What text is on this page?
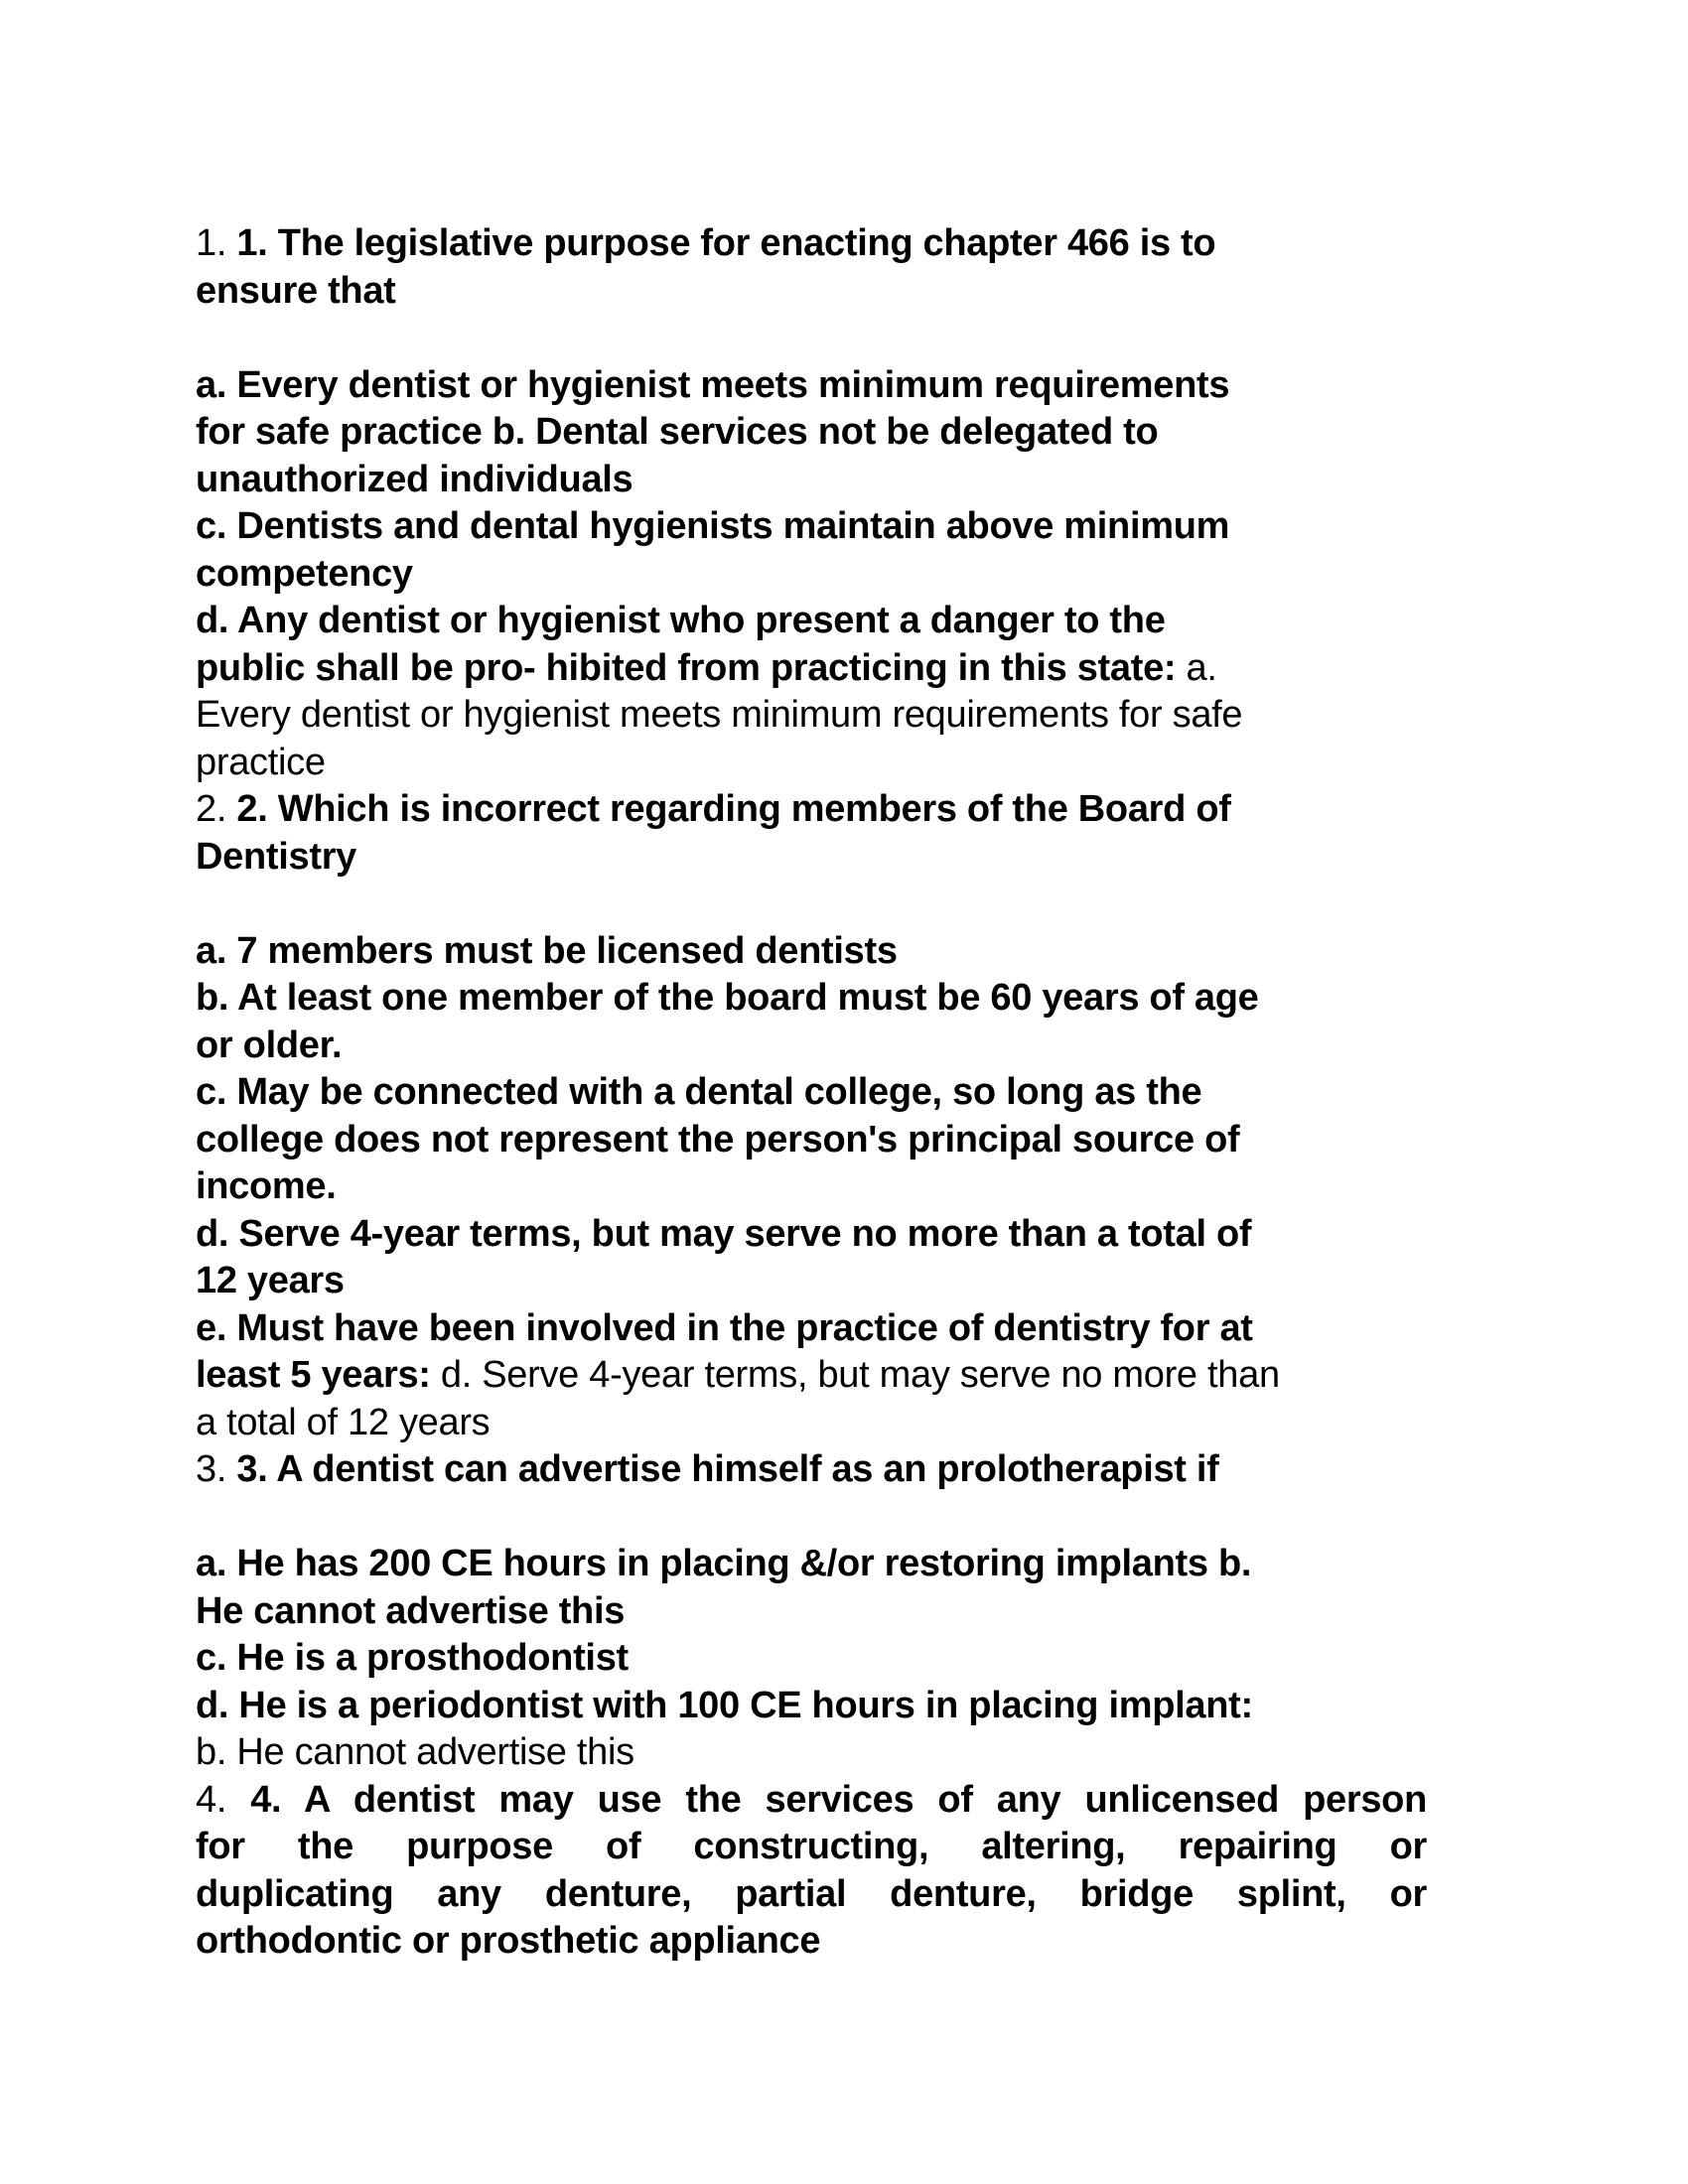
1. 1. The legislative purpose for enacting chapter 466 is to
ensure that
a. Every dentist or hygienist meets minimum requirements
for safe practice b. Dental services not be delegated to
unauthorized individuals
c. Dentists and dental hygienists maintain above minimum
competency
d. Any dentist or hygienist who present a danger to the
public shall be pro- hibited from practicing in this state: a.
Every dentist or hygienist meets minimum requirements for safe
practice
2. 2. Which is incorrect regarding members of the Board of
Dentistry
a. 7 members must be licensed dentists
b. At least one member of the board must be 60 years of age
or older.
c. May be connected with a dental college, so long as the
college does not represent the person's principal source of
income.
d. Serve 4-year terms, but may serve no more than a total of
12 years
e. Must have been involved in the practice of dentistry for at
least 5 years: d. Serve 4-year terms, but may serve no more than
a total of 12 years
3. 3. A dentist can advertise himself as an prolotherapist if
a. He has 200 CE hours in placing &/or restoring implants b.
He cannot advertise this
c. He is a prosthodontist
d. He is a periodontist with 100 CE hours in placing implant:
b. He cannot advertise this
4. 4. A dentist may use the services of any unlicensed person
for the purpose of constructing, altering, repairing or
duplicating any denture, partial denture, bridge splint, or
orthodontic or prosthetic appliance
